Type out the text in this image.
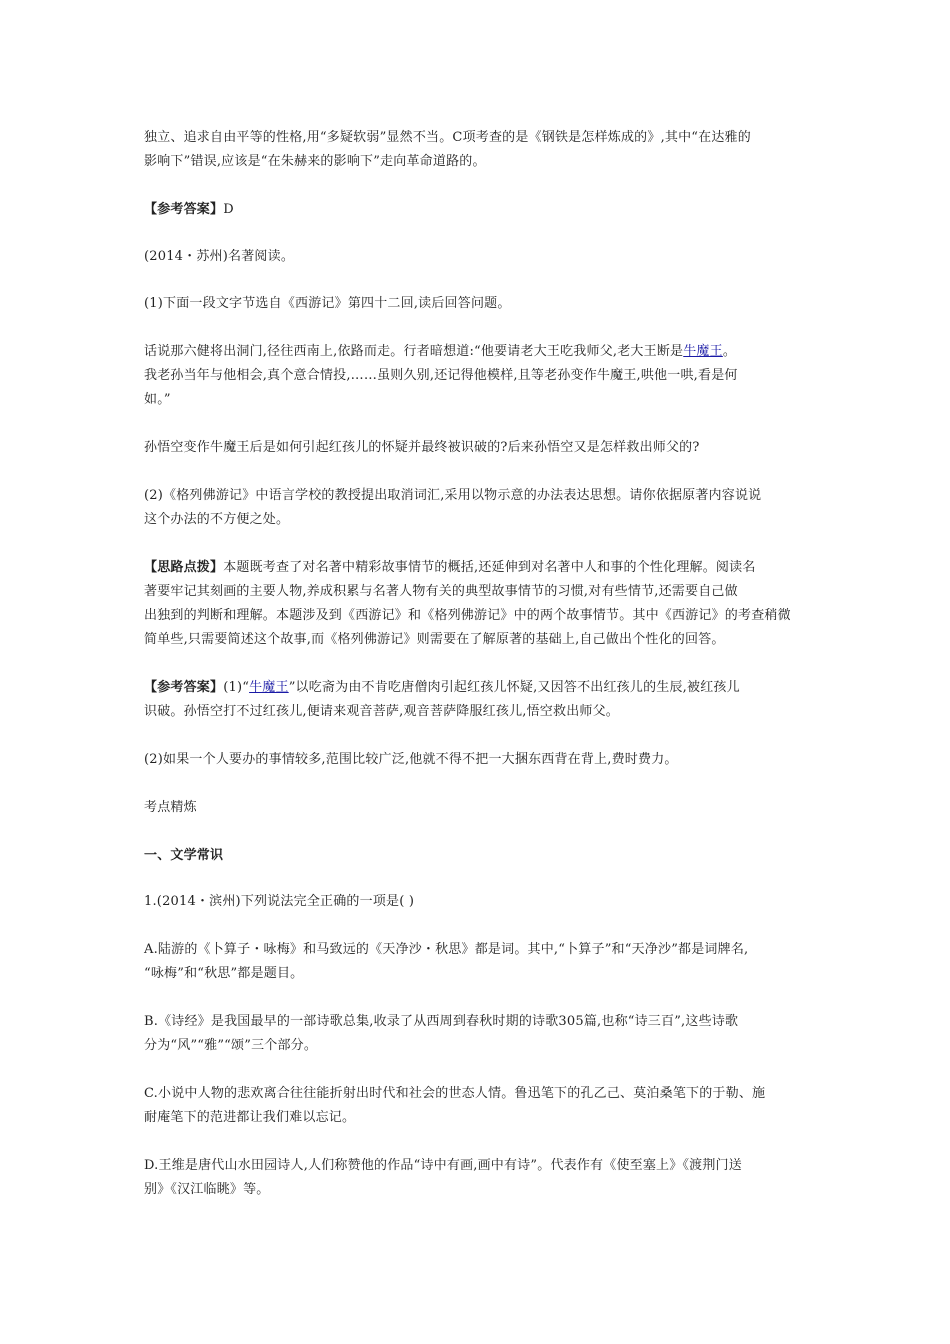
独立、追求自由平等的性格,用“多疑软弱”显然不当。C项考查的是《钢铁是怎样炼成的》,其中“在达雅的
影响下”错误,应该是“在朱赫来的影响下”走向革命道路的。

【参考答案】D

(2014・苏州)名著阅读。

(1)下面一段文字节选自《西游记》第四十二回,读后回答问题。

话说那六健将出洞门,径往西南上,依路而走。行者暗想道:“他要请老大王吃我师父,老大王断是牛魔王。
我老孙当年与他相会,真个意合情投,……虽则久别,还记得他模样,且等老孙变作牛魔王,哄他一哄,看是何
如。”

孙悟空变作牛魔王后是如何引起红孩儿的怀疑并最终被识破的?后来孙悟空又是怎样救出师父的?

(2)《格列佛游记》中语言学校的教授提出取消词汇,采用以物示意的办法表达思想。请你依据原著内容说说
这个办法的不方便之处。

【思路点拨】本题既考查了对名著中精彩故事情节的概括,还延伸到对名著中人和事的个性化理解。阅读名
著要牢记其刻画的主要人物,养成积累与名著人物有关的典型故事情节的习惯,对有些情节,还需要自己做
出独到的判断和理解。本题涉及到《西游记》和《格列佛游记》中的两个故事情节。其中《西游记》的考查稍微
简单些,只需要简述这个故事,而《格列佛游记》则需要在了解原著的基础上,自己做出个性化的回答。

【参考答案】(1)“牛魔王”以吃斋为由不肯吃唐僧肉引起红孩儿怀疑,又因答不出红孩儿的生辰,被红孩儿
识破。孙悟空打不过红孩儿,便请来观音菩萨,观音菩萨降服红孩儿,悟空救出师父。

(2)如果一个人要办的事情较多,范围比较广泛,他就不得不把一大捆东西背在背上,费时费力。

考点精炼

一、文学常识

1.(2014・滨州)下列说法完全正确的一项是( )

A.陆游的《卜算子・咏梅》和马致远的《天净沙・秋思》都是词。其中,“卜算子”和“天净沙”都是词牌名,
“咏梅”和“秋思”都是题目。

B.《诗经》是我国最早的一部诗歌总集,收录了从西周到春秋时期的诗歌305篇,也称“诗三百”,这些诗歌
分为“风”“雅”“颂”三个部分。

C.小说中人物的悲欢离合往往能折射出时代和社会的世态人情。鲁迅笔下的孔乙己、莫泊桑笔下的于勒、施
耐庵笔下的范进都让我们难以忘记。

D.王维是唐代山水田园诗人,人们称赞他的作品“诗中有画,画中有诗”。代表作有《使至塞上》《渡荆门送
别》《汉江临眺》等。
